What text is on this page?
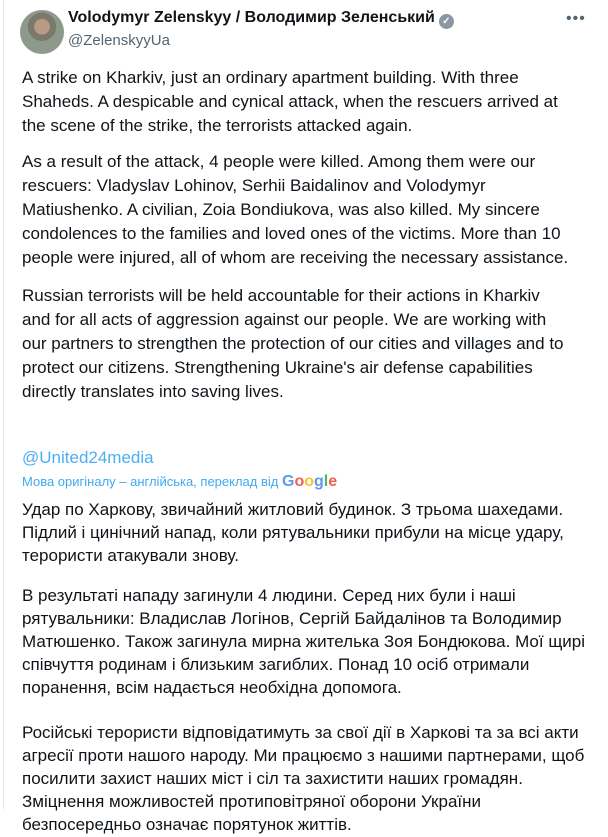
Volodymyr Zelenskyy / Володимир Зеленський ✓
@ZelenskyyUa
•••
A strike on Kharkiv, just an ordinary apartment building. With three
Shaheds. A despicable and cynical attack, when the rescuers arrived at
the scene of the strike, the terrorists attacked again.
As a result of the attack, 4 people were killed. Among them were our
rescuers: Vladyslav Lohinov, Serhii Baidalinov and Volodymyr
Matiushenko. A civilian, Zoia Bondiukova, was also killed. My sincere
condolences to the families and loved ones of the victims. More than 10
people were injured, all of whom are receiving the necessary assistance.
Russian terrorists will be held accountable for their actions in Kharkiv
and for all acts of aggression against our people. We are working with
our partners to strengthen the protection of our cities and villages and to
protect our citizens. Strengthening Ukraine's air defense capabilities
directly translates into saving lives.
@United24media
Мова оригіналу – англійська, переклад від Google
Удар по Харкову, звичайний житловий будинок. З трьома шахедами.
Підлий і цинічний напад, коли рятувальники прибули на місце удару,
терористи атакували знову.
В результаті нападу загинули 4 людини. Серед них були і наші
рятувальники: Владислав Логінов, Сергій Байдалінов та Володимир
Матюшенко. Також загинула мирна жителька Зоя Бондюкова. Мої щирі
співчуття родинам і близьким загиблих. Понад 10 осіб отримали
поранення, всім надається необхідна допомога.
Російські терористи відповідатимуть за свої дії в Харкові та за всі акти
агресії проти нашого народу. Ми працюємо з нашими партнерами, щоб
посилити захист наших міст і сіл та захистити наших громадян.
Зміцнення можливостей протиповітряної оборони України
безпосередньо означає порятунок життів.
